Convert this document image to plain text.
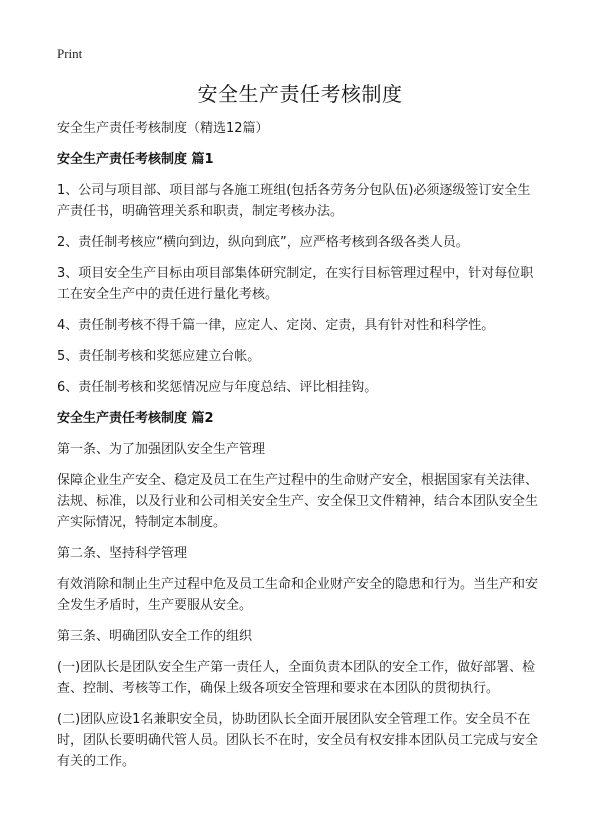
Print
安全生产责任考核制度

安全生产责任考核制度（精选12篇）

安全生产责任考核制度 篇1

1、公司与项目部、项目部与各施工班组(包括各劳务分包队伍)必须逐级签订安全生产责任书，明确管理关系和职责，制定考核办法。

2、责任制考核应“横向到边，纵向到底”，应严格考核到各级各类人员。

3、项目安全生产目标由项目部集体研究制定，在实行目标管理过程中，针对每位职工在安全生产中的责任进行量化考核。

4、责任制考核不得千篇一律，应定人、定岗、定责，具有针对性和科学性。

5、责任制考核和奖惩应建立台帐。

6、责任制考核和奖惩情况应与年度总结、评比相挂钩。

安全生产责任考核制度 篇2

第一条、为了加强团队安全生产管理

保障企业生产安全、稳定及员工在生产过程中的生命财产安全，根据国家有关法律、法规、标准，以及行业和公司相关安全生产、安全保卫文件精神，结合本团队安全生产实际情况，特制定本制度。

第二条、坚持科学管理

有效消除和制止生产过程中危及员工生命和企业财产安全的隐患和行为。当生产和安全发生矛盾时，生产要服从安全。

第三条、明确团队安全工作的组织

(一)团队长是团队安全生产第一责任人，全面负责本团队的安全工作，做好部署、检查、控制、考核等工作，确保上级各项安全管理和要求在本团队的贯彻执行。

(二)团队应设1名兼职安全员，协助团队长全面开展团队安全管理工作。安全员不在时，团队长要明确代管人员。团队长不在时，安全员有权安排本团队员工完成与安全有关的工作。
